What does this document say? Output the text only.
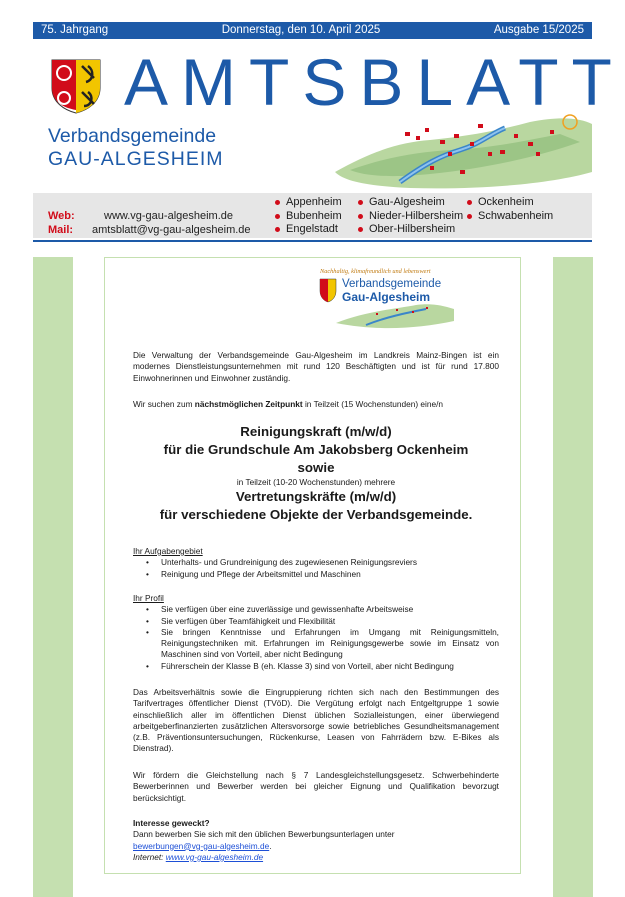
75. Jahrgang	Donnerstag, den 10. April 2025	Ausgabe 15/2025
AMTSBLATT
Verbandsgemeinde
GAU-ALGESHEIM
Web:	www.vg-gau-algesheim.de
Mail:	amtsblatt@vg-gau-algesheim.de
Appenheim
Bubenheim
Engelstadt
Gau-Algesheim
Nieder-Hilbersheim
Ober-Hilbersheim
Ockenheim
Schwabenheim
Nachhaltig, klimafreundlich und lebenswert
Verbandsgemeinde
Gau-Algesheim
Die Verwaltung der Verbandsgemeinde Gau-Algesheim im Landkreis Mainz-Bingen ist ein modernes Dienstleistungsunternehmen mit rund 120 Beschäftigten und ist für rund 17.800 Einwohnerinnen und Einwohner zuständig.
Wir suchen zum nächstmöglichen Zeitpunkt in Teilzeit (15 Wochenstunden) eine/n
Reinigungskraft (m/w/d)
für die Grundschule Am Jakobsberg Ockenheim
sowie
in Teilzeit (10-20 Wochenstunden) mehrere
Vertretungskräfte (m/w/d)
für verschiedene Objekte der Verbandsgemeinde.
Ihr Aufgabengebiet
• Unterhalts- und Grundreinigung des zugewiesenen Reinigungsreviers
• Reinigung und Pflege der Arbeitsmittel und Maschinen
Ihr Profil
• Sie verfügen über eine zuverlässige und gewissenhafte Arbeitsweise
• Sie verfügen über Teamfähigkeit und Flexibilität
• Sie bringen Kenntnisse und Erfahrungen im Umgang mit Reinigungsmitteln, Reinigungstechniken mit. Erfahrungen im Reinigungsgewerbe sowie im Einsatz von Maschinen sind von Vorteil, aber nicht Bedingung
• Führerschein der Klasse B (eh. Klasse 3) sind von Vorteil, aber nicht Bedingung
Das Arbeitsverhältnis sowie die Eingruppierung richten sich nach den Bestimmungen des Tarifvertrages öffentlicher Dienst (TVöD). Die Vergütung erfolgt nach Entgeltgruppe 1 sowie einschließlich aller im öffentlichen Dienst üblichen Sozialleistungen, einer überwiegend arbeitgeberfinanzierten zusätzlichen Altersvorsorge sowie betriebliches Gesundheitsmanagement (z.B. Präventionsuntersuchungen, Rückenkurse, Leasen von Fahrrädern bzw. E-Bikes als Dienstrad).
Wir fördern die Gleichstellung nach § 7 Landesgleichstellungsgesetz. Schwerbehinderte Bewerberinnen und Bewerber werden bei gleicher Eignung und Qualifikation bevorzugt berücksichtigt.
Interesse geweckt?
Dann bewerben Sie sich mit den üblichen Bewerbungsunterlagen unter
bewerbungen@vg-gau-algesheim.de.
Internet: www.vg-gau-algesheim.de
